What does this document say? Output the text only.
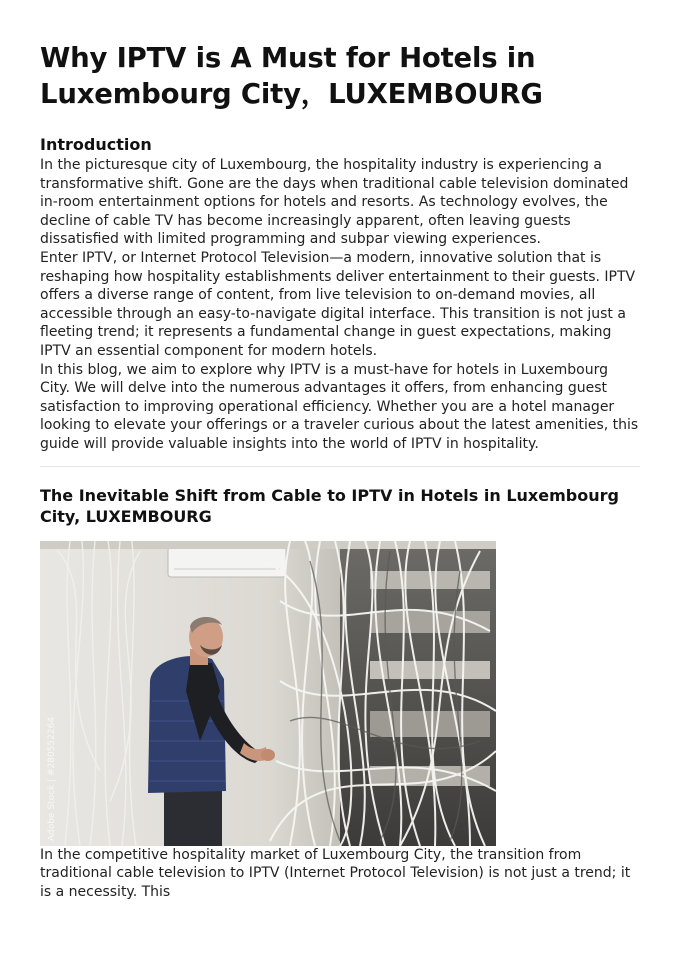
Why IPTV is A Must for Hotels in Luxembourg City，LUXEMBOURG
Introduction

In the picturesque city of Luxembourg, the hospitality industry is experiencing a transformative shift. Gone are the days when traditional cable television dominated in-room entertainment options for hotels and resorts. As technology evolves, the decline of cable TV has become increasingly apparent, often leaving guests dissatisfied with limited programming and subpar viewing experiences.

Enter IPTV, or Internet Protocol Television—a modern, innovative solution that is reshaping how hospitality establishments deliver entertainment to their guests. IPTV offers a diverse range of content, from live television to on-demand movies, all accessible through an easy-to-navigate digital interface. This transition is not just a fleeting trend; it represents a fundamental change in guest expectations, making IPTV an essential component for modern hotels.

In this blog, we aim to explore why IPTV is a must-have for hotels in Luxembourg City. We will delve into the numerous advantages it offers, from enhancing guest satisfaction to improving operational efficiency. Whether you are a hotel manager looking to elevate your offerings or a traveler curious about the latest amenities, this guide will provide valuable insights into the world of IPTV in hospitality.

The Inevitable Shift from Cable to IPTV in Hotels in Luxembourg City, LUXEMBOURG
Adobe Stock | #280552264

In the competitive hospitality market of Luxembourg City, the transition from traditional cable television to IPTV (Internet Protocol Television) is not just a trend; it is a necessity. This
